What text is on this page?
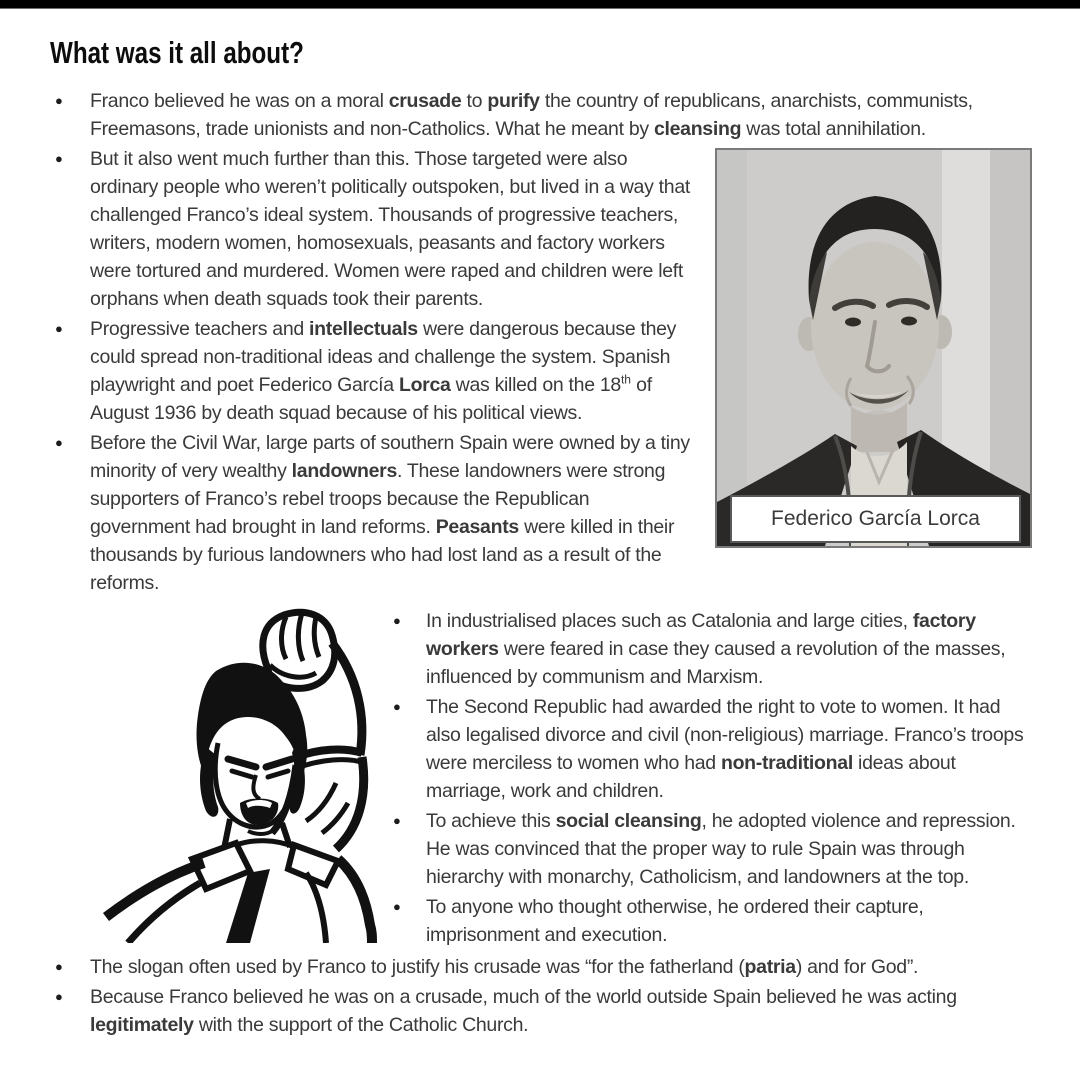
What was it all about?
● Franco believed he was on a moral crusade to purify the country of republicans, anarchists, communists, Freemasons, trade unionists and non-Catholics. What he meant by cleansing was total annihilation.
Federico García Lorca
● But it also went much further than this. Those targeted were also ordinary people who weren’t politically outspoken, but lived in a way that challenged Franco’s ideal system. Thousands of progressive teachers, writers, modern women, homosexuals, peasants and factory workers were tortured and murdered. Women were raped and children were left orphans when death squads took their parents.
● Progressive teachers and intellectuals were dangerous because they could spread non-traditional ideas and challenge the system. Spanish playwright and poet Federico García Lorca was killed on the 18th of August 1936 by death squad because of his political views.
● Before the Civil War, large parts of southern Spain were owned by a tiny minority of very wealthy landowners. These landowners were strong supporters of Franco’s rebel troops because the Republican government had brought in land reforms. Peasants were killed in their thousands by furious landowners who had lost land as a result of the reforms.
● In industrialised places such as Catalonia and large cities, factory workers were feared in case they caused a revolution of the masses, influenced by communism and Marxism.
● The Second Republic had awarded the right to vote to women. It had also legalised divorce and civil (non-religious) marriage. Franco’s troops were merciless to women who had non-traditional ideas about marriage, work and children.
● To achieve this social cleansing, he adopted violence and repression. He was convinced that the proper way to rule Spain was through hierarchy with monarchy, Catholicism, and landowners at the top.
● To anyone who thought otherwise, he ordered their capture, imprisonment and execution.
● The slogan often used by Franco to justify his crusade was “for the fatherland (patria) and for God”.
● Because Franco believed he was on a crusade, much of the world outside Spain believed he was acting legitimately with the support of the Catholic Church.
